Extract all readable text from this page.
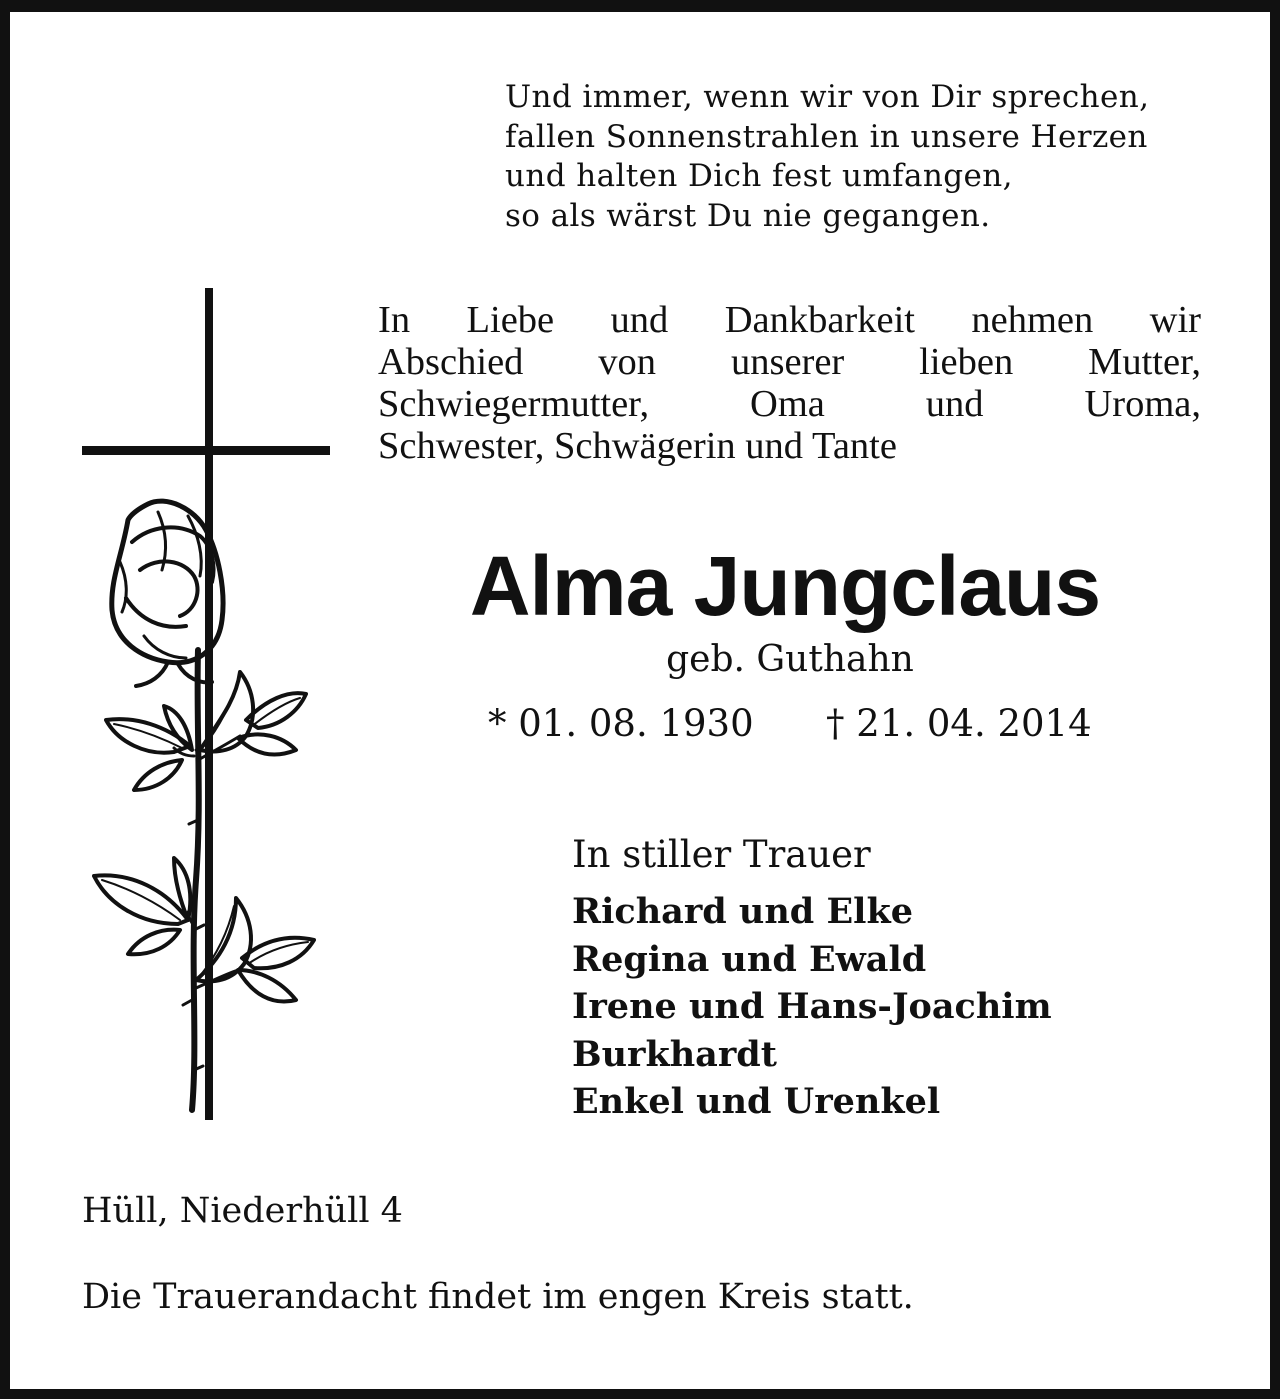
Und immer, wenn wir von Dir sprechen,
fallen Sonnenstrahlen in unsere Herzen
und halten Dich fest umfangen,
so als wärst Du nie gegangen.
In Liebe und Dankbarkeit nehmen wir
Abschied von unserer lieben Mutter,
Schwiegermutter, Oma und Uroma,
Schwester, Schwägerin und Tante
Alma Jungclaus
geb. Guthahn
* 01. 08. 1930 † 21. 04. 2014
In stiller Trauer
Richard und Elke
Regina und Ewald
Irene und Hans-Joachim
Burkhardt
Enkel und Urenkel
Hüll, Niederhüll 4
Die Trauerandacht findet im engen Kreis statt.
